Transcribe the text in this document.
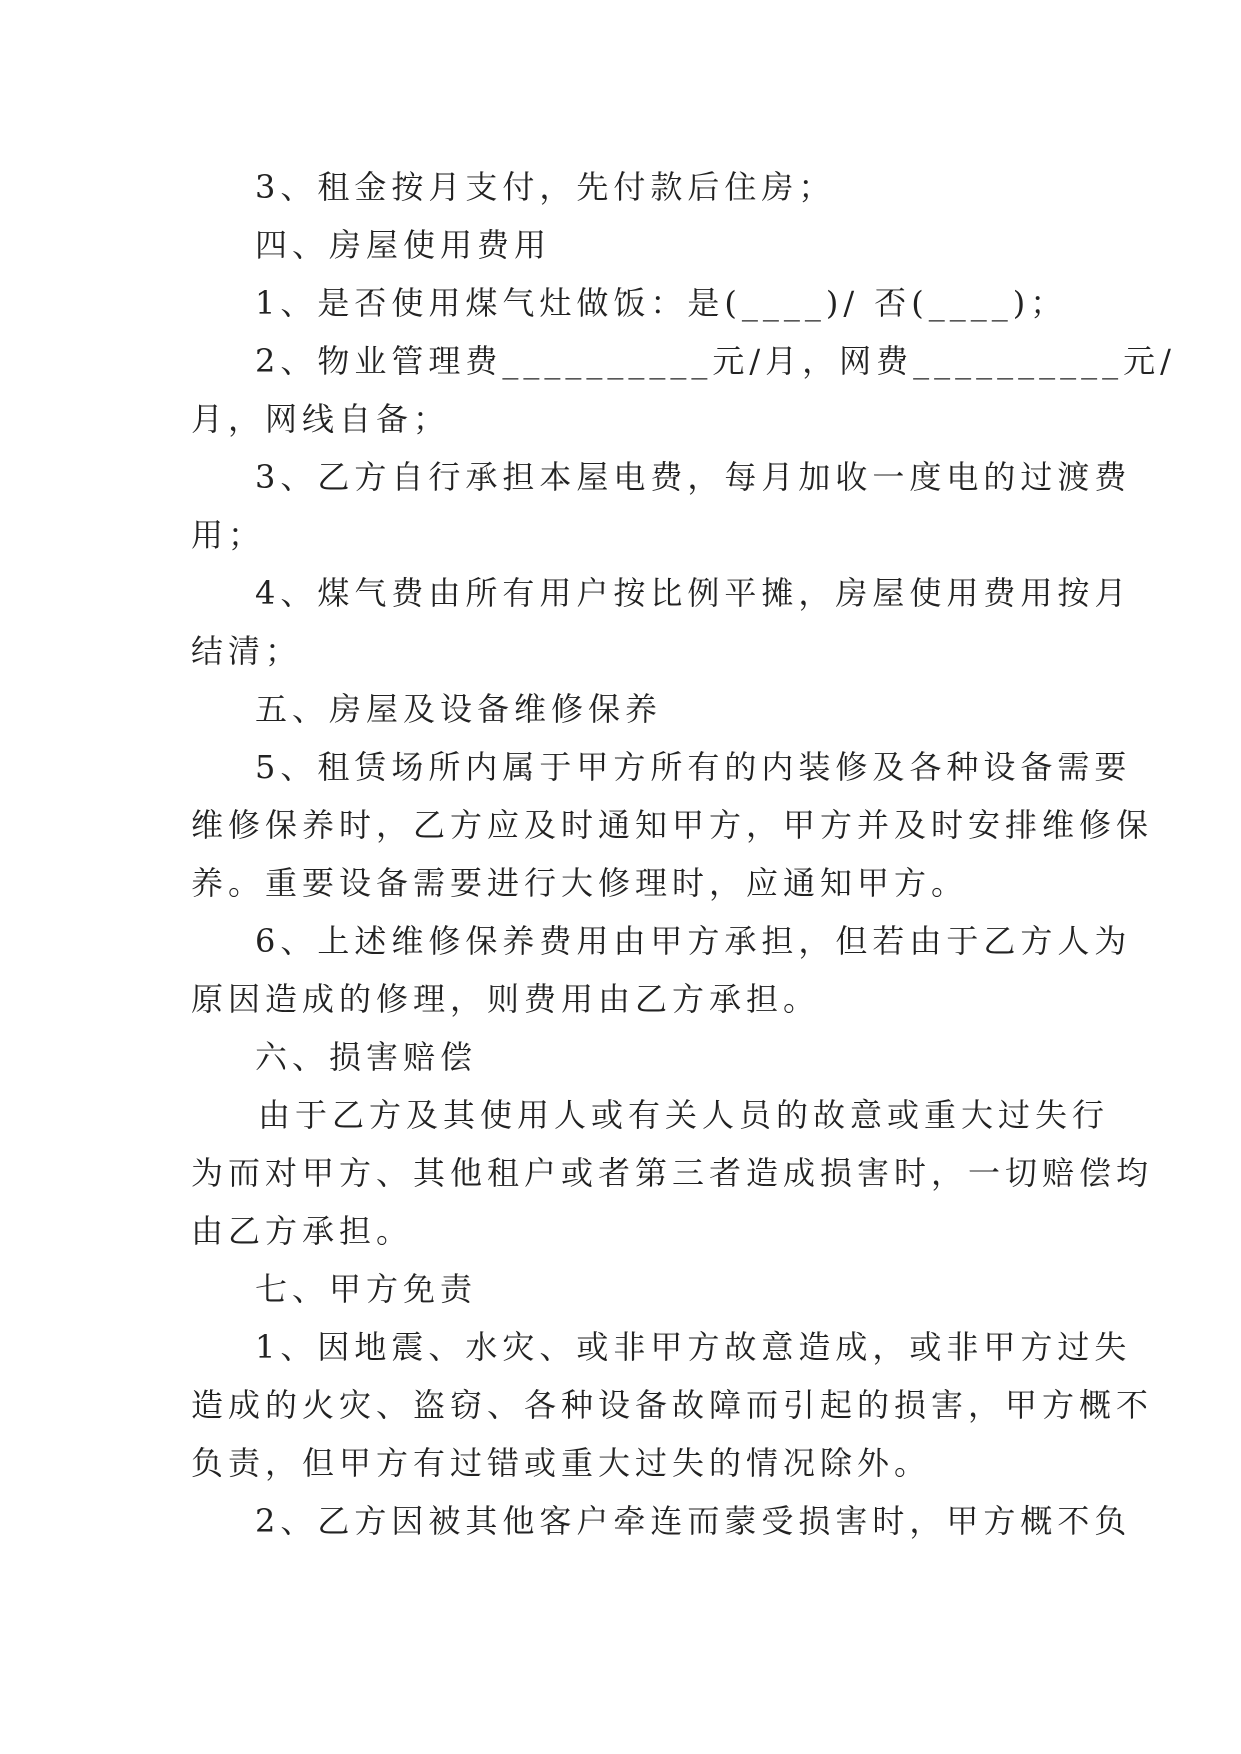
3、租金按月支付，先付款后住房；
四、房屋使用费用
1、是否使用煤气灶做饭：是(____)/ 否(____)；
2、物业管理费__________元/月，网费__________元/
月，网线自备；
3、乙方自行承担本屋电费，每月加收一度电的过渡费
用；
4、煤气费由所有用户按比例平摊，房屋使用费用按月
结清；
五、房屋及设备维修保养
5、租赁场所内属于甲方所有的内装修及各种设备需要
维修保养时，乙方应及时通知甲方，甲方并及时安排维修保
养。重要设备需要进行大修理时，应通知甲方。
6、上述维修保养费用由甲方承担，但若由于乙方人为
原因造成的修理，则费用由乙方承担。
六、损害赔偿
由于乙方及其使用人或有关人员的故意或重大过失行
为而对甲方、其他租户或者第三者造成损害时，一切赔偿均
由乙方承担。
七、甲方免责
1、因地震、水灾、或非甲方故意造成，或非甲方过失
造成的火灾、盗窃、各种设备故障而引起的损害，甲方概不
负责，但甲方有过错或重大过失的情况除外。
2、乙方因被其他客户牵连而蒙受损害时，甲方概不负
